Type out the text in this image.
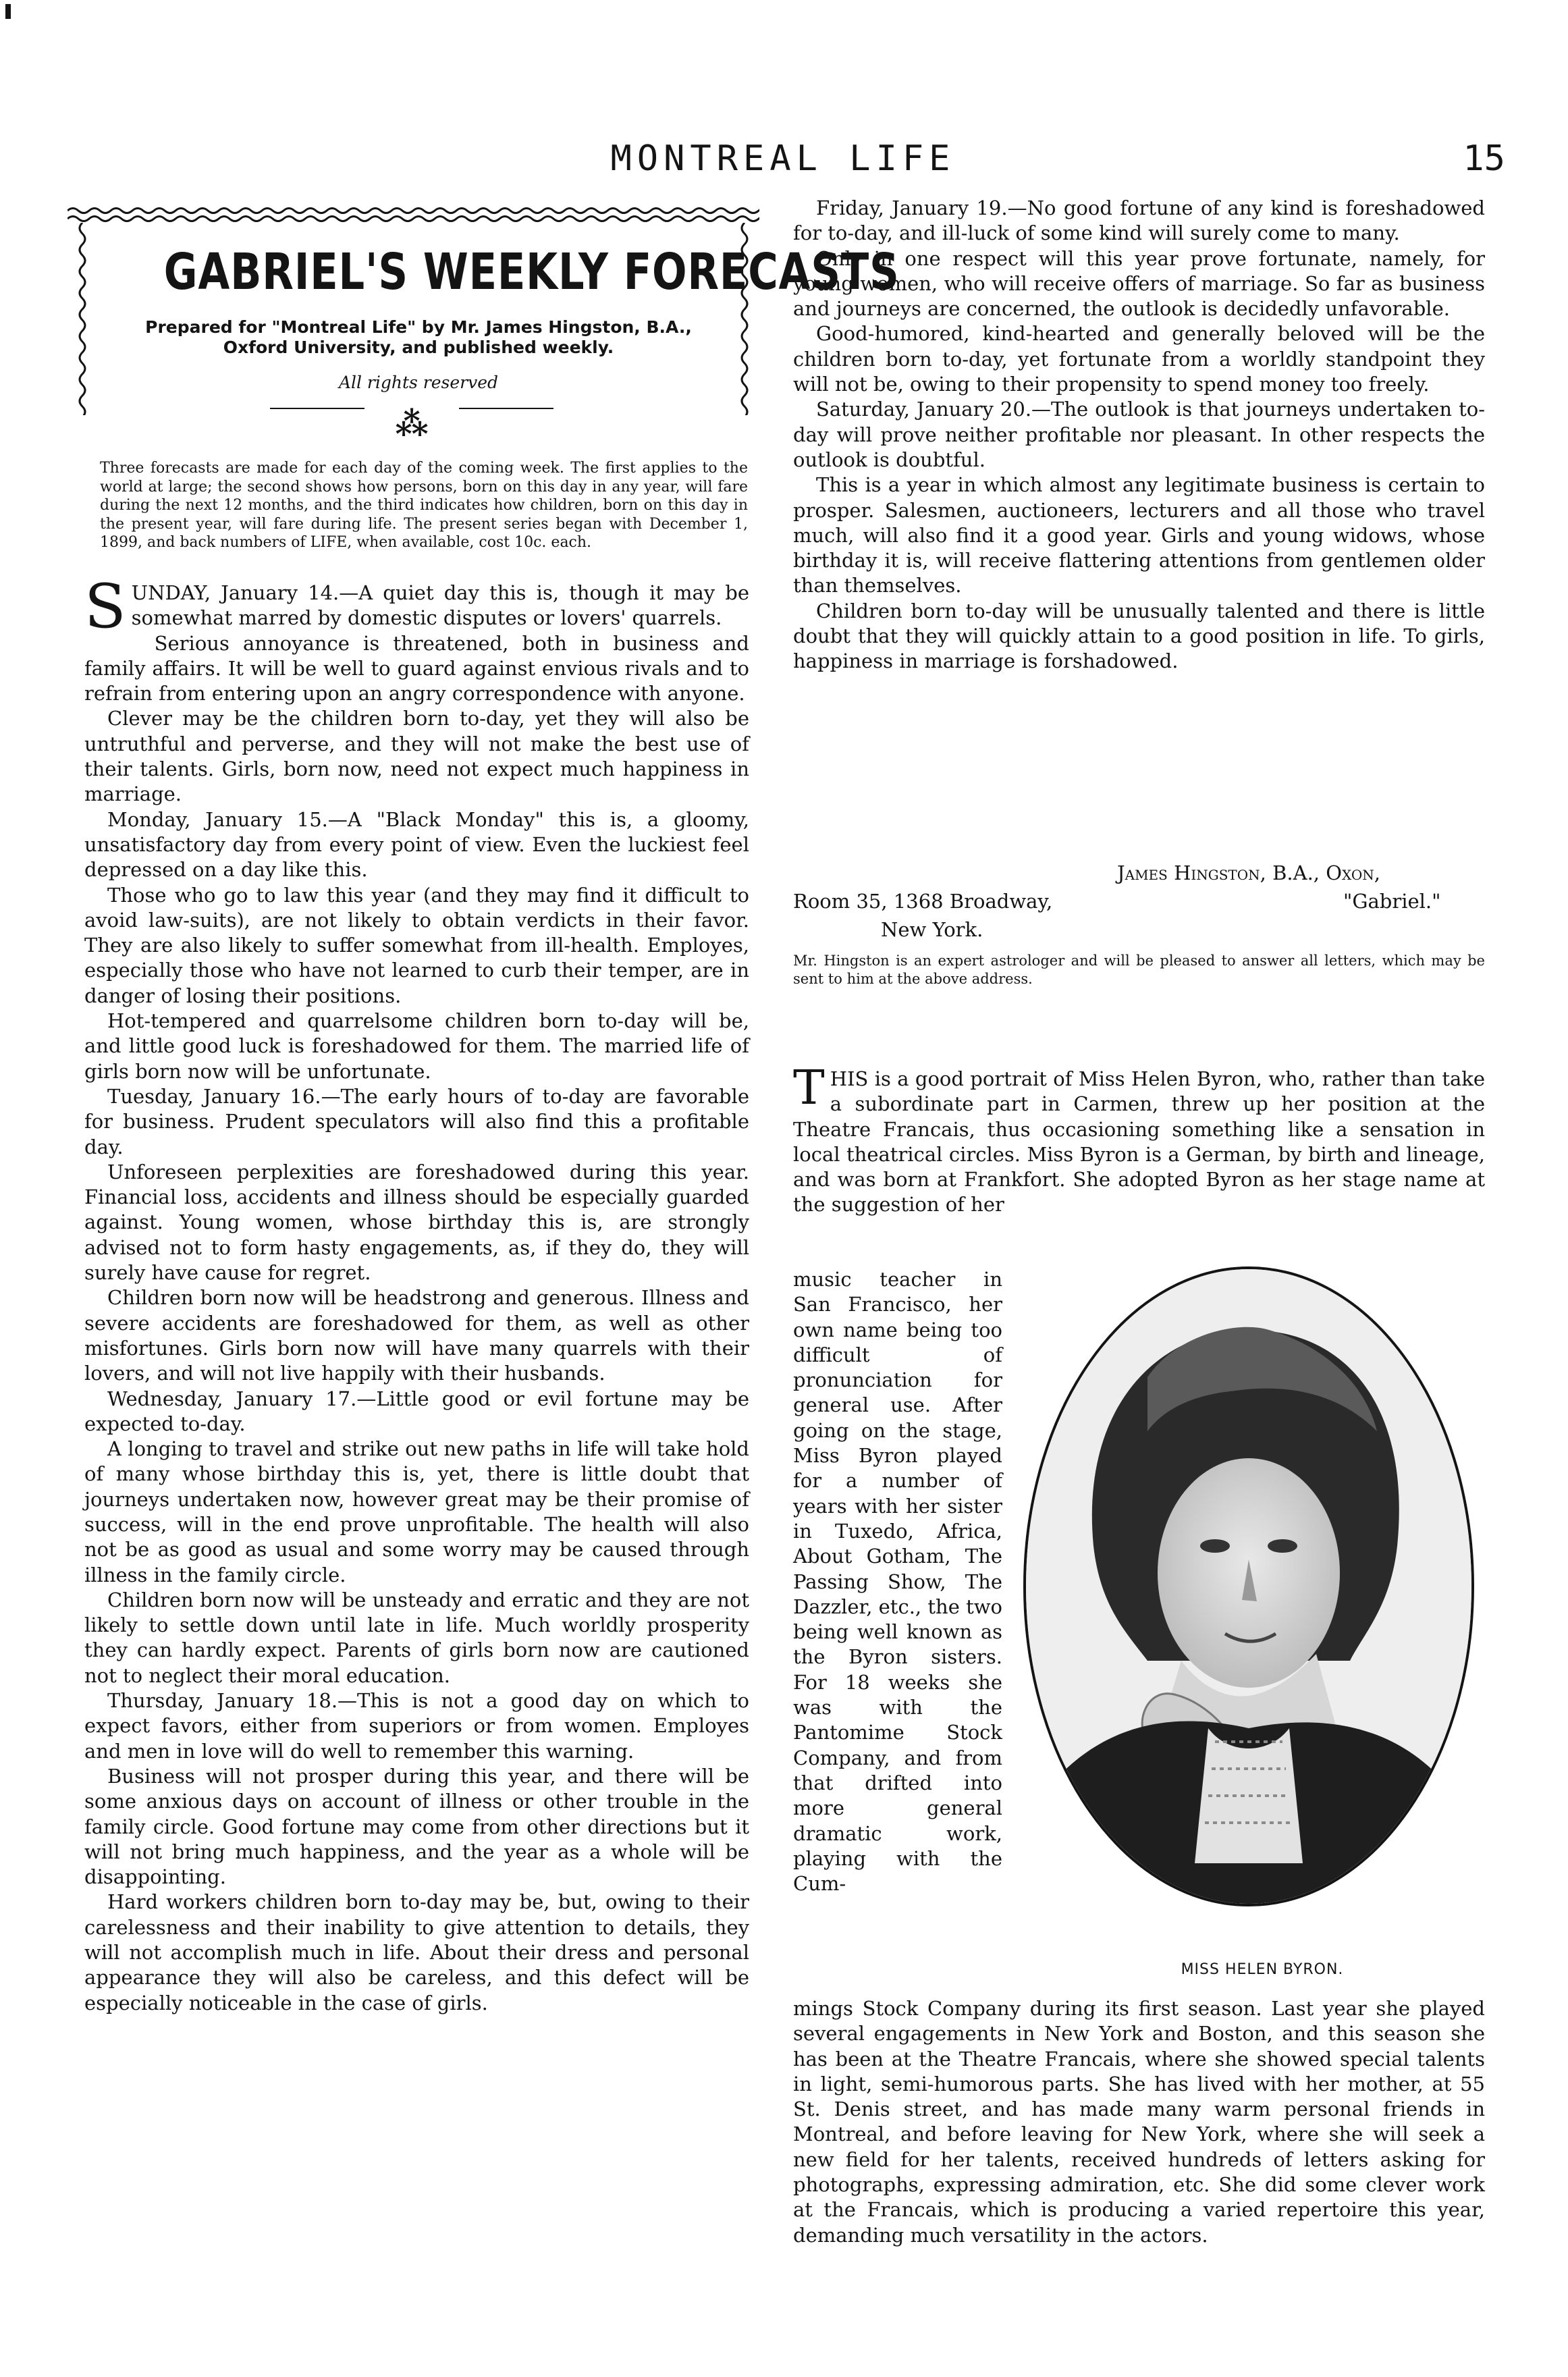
MONTREAL LIFE	15
GABRIEL'S WEEKLY FORECASTS
Prepared for "Montreal Life" by Mr. James Hingston, B.A.,
Oxford University, and published weekly.
All rights reserved
⁂
Three forecasts are made for each day of the coming week. The first applies to the world at large; the second shows how persons, born on this day in any year, will fare during the next 12 months, and the third indicates how children, born on this day in the present year, will fare during life. The present series began with December 1, 1899, and back numbers of LIFE, when available, cost 10c. each.

SUNDAY, January 14.—A quiet day this is, though it may be somewhat marred by domestic disputes or lovers' quarrels.

Serious annoyance is threatened, both in business and family affairs. It will be well to guard against envious rivals and to refrain from entering upon an angry correspondence with anyone.

Clever may be the children born to-day, yet they will also be untruthful and perverse, and they will not make the best use of their talents. Girls, born now, need not expect much happiness in marriage.

Monday, January 15.—A "Black Monday" this is, a gloomy, unsatisfactory day from every point of view. Even the luckiest feel depressed on a day like this.

Those who go to law this year (and they may find it difficult to avoid law-suits), are not likely to obtain verdicts in their favor. They are also likely to suffer somewhat from ill-health. Employes, especially those who have not learned to curb their temper, are in danger of losing their positions.

Hot-tempered and quarrelsome children born to-day will be, and little good luck is foreshadowed for them. The married life of girls born now will be unfortunate.

Tuesday, January 16.—The early hours of to-day are favorable for business. Prudent speculators will also find this a profitable day.

Unforeseen perplexities are foreshadowed during this year. Financial loss, accidents and illness should be especially guarded against. Young women, whose birthday this is, are strongly advised not to form hasty engagements, as, if they do, they will surely have cause for regret.

Children born now will be headstrong and generous. Illness and severe accidents are foreshadowed for them, as well as other misfortunes. Girls born now will have many quarrels with their lovers, and will not live happily with their husbands.

Wednesday, January 17.—Little good or evil fortune may be expected to-day.

A longing to travel and strike out new paths in life will take hold of many whose birthday this is, yet, there is little doubt that journeys undertaken now, however great may be their promise of success, will in the end prove unprofitable. The health will also not be as good as usual and some worry may be caused through illness in the family circle.

Children born now will be unsteady and erratic and they are not likely to settle down until late in life. Much worldly prosperity they can hardly expect. Parents of girls born now are cautioned not to neglect their moral education.

Thursday, January 18.—This is not a good day on which to expect favors, either from superiors or from women. Employes and men in love will do well to remember this warning.

Business will not prosper during this year, and there will be some anxious days on account of illness or other trouble in the family circle. Good fortune may come from other directions but it will not bring much happiness, and the year as a whole will be disappointing.

Hard workers children born to-day may be, but, owing to their carelessness and their inability to give attention to details, they will not accomplish much in life. About their dress and personal appearance they will also be careless, and this defect will be especially noticeable in the case of girls.

Friday, January 19.—No good fortune of any kind is foreshadowed for to-day, and ill-luck of some kind will surely come to many.

Only in one respect will this year prove fortunate, namely, for young women, who will receive offers of marriage. So far as business and journeys are concerned, the outlook is decidedly unfavorable.

Good-humored, kind-hearted and generally beloved will be the children born to-day, yet fortunate from a worldly standpoint they will not be, owing to their propensity to spend money too freely.

Saturday, January 20.—The outlook is that journeys undertaken to-day will prove neither profitable nor pleasant. In other respects the outlook is doubtful.

This is a year in which almost any legitimate business is certain to prosper. Salesmen, auctioneers, lecturers and all those who travel much, will also find it a good year. Girls and young widows, whose birthday it is, will receive flattering attentions from gentlemen older than themselves.

Children born to-day will be unusually talented and there is little doubt that they will quickly attain to a good position in life. To girls, happiness in marriage is forshadowed.

James Hingston, B.A., Oxon,
Room 35, 1368 Broadway,	"Gabriel."
New York.
Mr. Hingston is an expert astrologer and will be pleased to answer all letters, which may be sent to him at the above address.

THIS is a good portrait of Miss Helen Byron, who, rather than take a subordinate part in Carmen, threw up her position at the Theatre Francais, thus occasioning something like a sensation in local theatrical circles. Miss Byron is a German, by birth and lineage, and was born at Frankfort. She adopted Byron as her stage name at the suggestion of her

music teacher in San Francisco, her own name being too difficult of pronunciation for general use. After going on the stage, Miss Byron played for a number of years with her sister in Tuxedo, Africa, About Gotham, The Passing Show, The Dazzler, etc., the two being well known as the Byron sisters. For 18 weeks she was with the Pantomime Stock Company, and from that drifted into more general dramatic work, playing with the Cum-

MISS HELEN BYRON.

mings Stock Company during its first season. Last year she played several engagements in New York and Boston, and this season she has been at the Theatre Francais, where she showed special talents in light, semi-humorous parts. She has lived with her mother, at 55 St. Denis street, and has made many warm personal friends in Montreal, and before leaving for New York, where she will seek a new field for her talents, received hundreds of letters asking for photographs, expressing admiration, etc. She did some clever work at the Francais, which is producing a varied repertoire this year, demanding much versatility in the actors.
